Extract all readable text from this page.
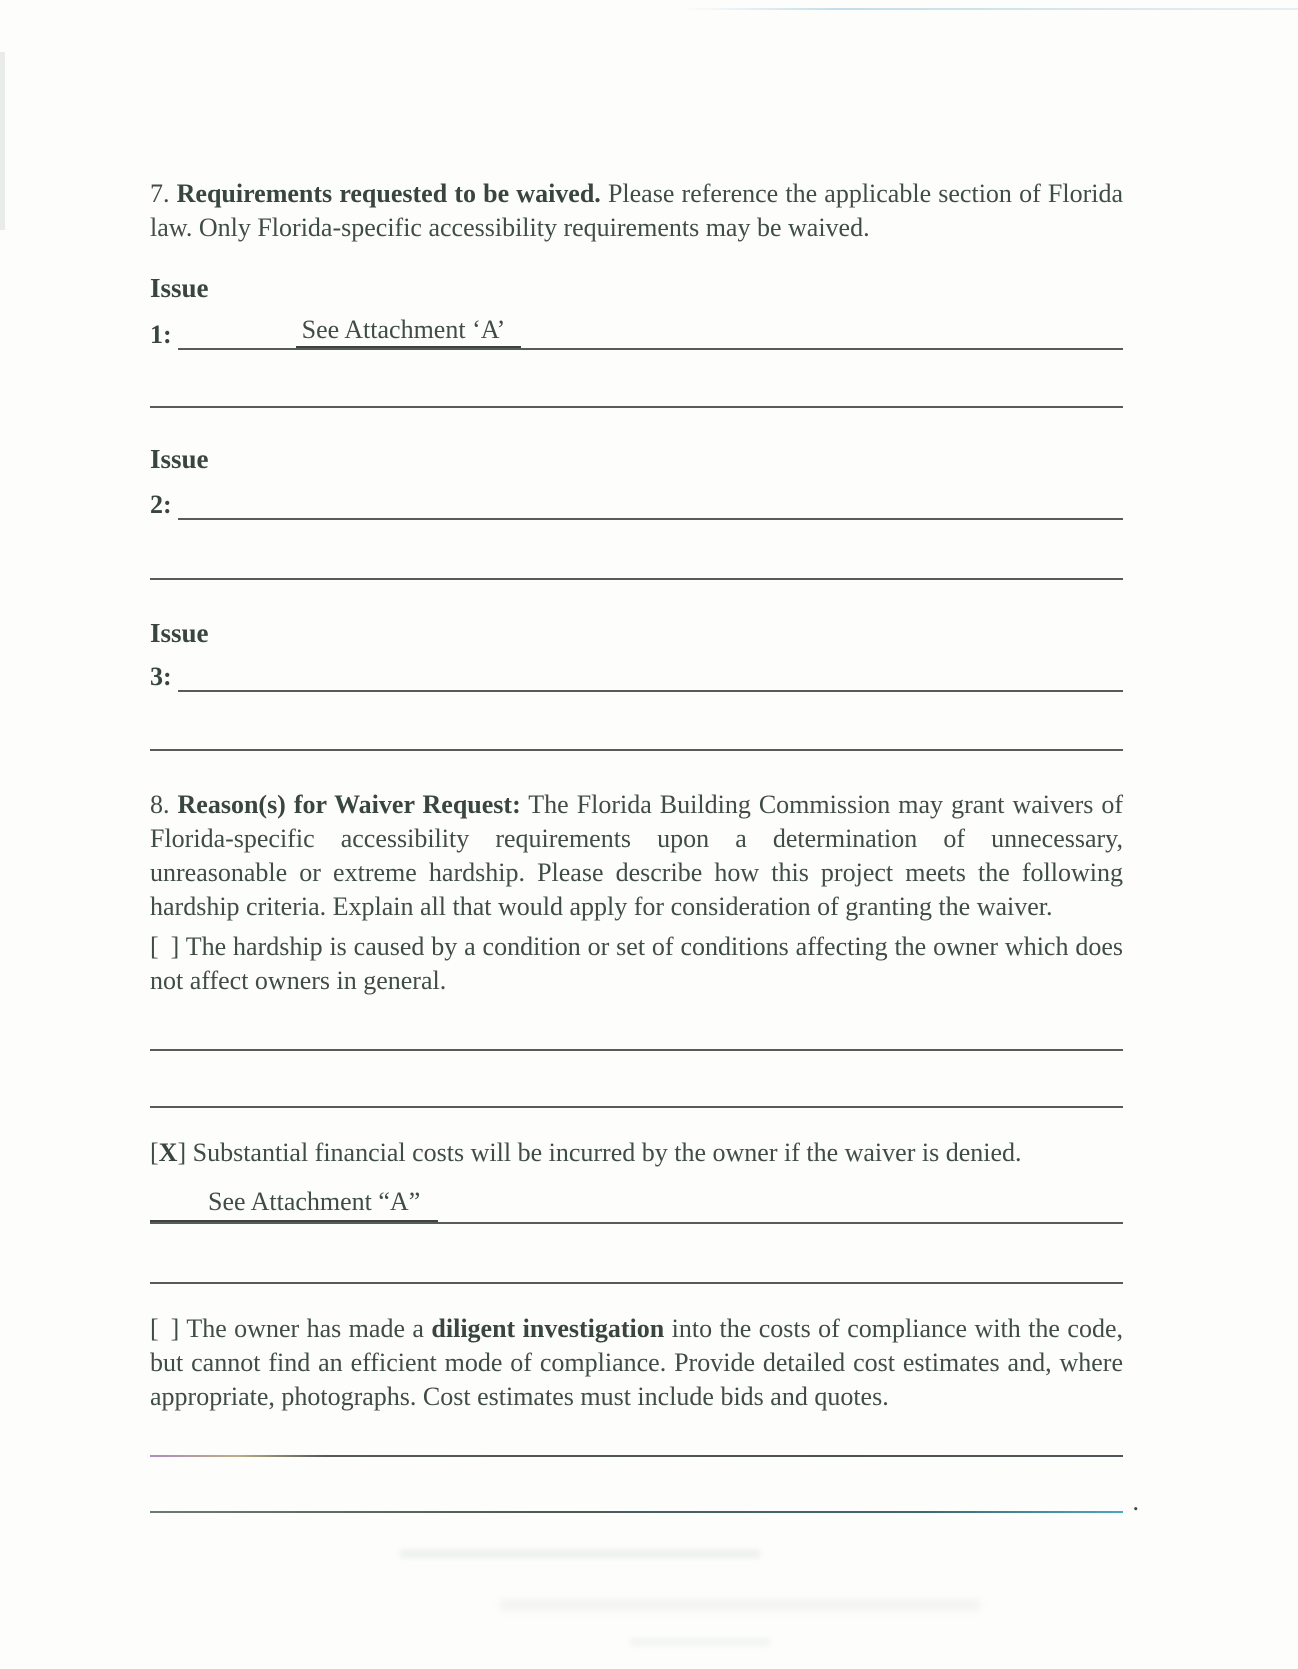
7. Requirements requested to be waived. Please reference the applicable section of Florida law. Only Florida-specific accessibility requirements may be waived.

Issue
1:	See Attachment ‘A’
Issue
2:
Issue
3:

8. Reason(s) for Waiver Request: The Florida Building Commission may grant waivers of Florida-specific accessibility requirements upon a determination of unnecessary, unreasonable or extreme hardship. Please describe how this project meets the following hardship criteria. Explain all that would apply for consideration of granting the waiver.

[ ] The hardship is caused by a condition or set of conditions affecting the owner which does not affect owners in general.

[X] Substantial financial costs will be incurred by the owner if the waiver is denied.

See Attachment “A”

[ ] The owner has made a diligent investigation into the costs of compliance with the code, but cannot find an efficient mode of compliance. Provide detailed cost estimates and, where appropriate, photographs. Cost estimates must include bids and quotes.

.
